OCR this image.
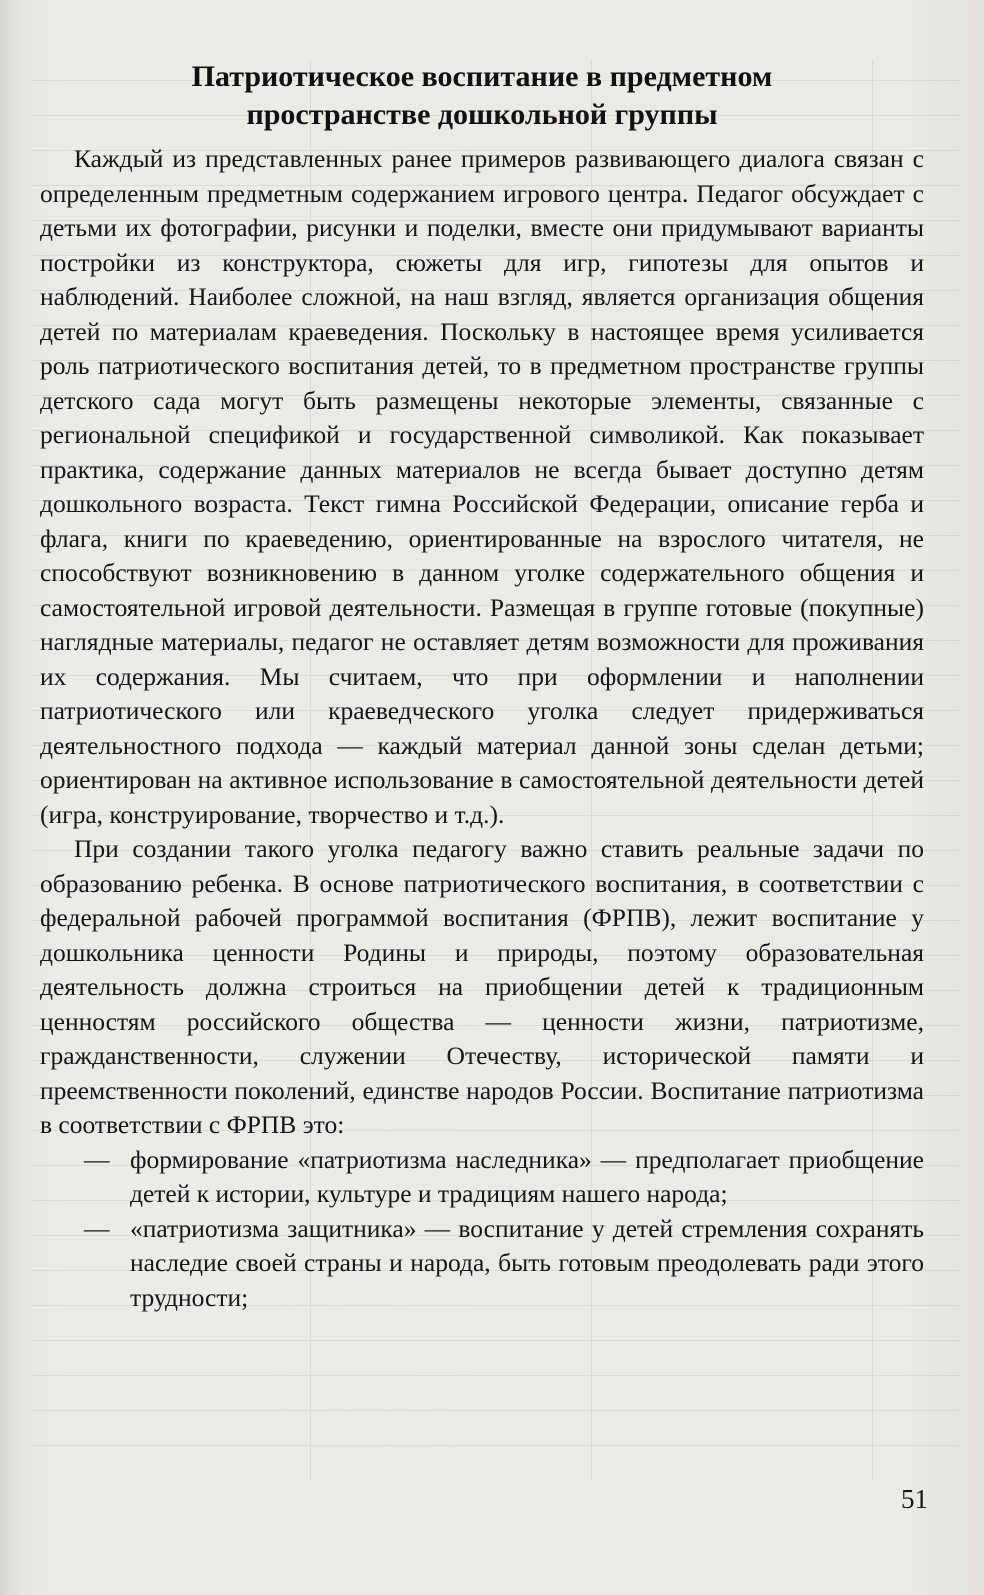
Патриотическое воспитание в предметном
пространстве дошкольной группы

Каждый из представленных ранее примеров развивающего диалога связан с определенным предметным содержанием игрового центра. Педагог обсуждает с детьми их фотографии, рисунки и поделки, вместе они придумывают варианты постройки из конструктора, сюжеты для игр, гипотезы для опытов и наблюдений. Наиболее сложной, на наш взгляд, является организация общения детей по материалам краеведения. Поскольку в настоящее время усиливается роль патриотического воспитания детей, то в предметном пространстве группы детского сада могут быть размещены некоторые элементы, связанные с региональной спецификой и государственной символикой. Как показывает практика, содержание данных материалов не всегда бывает доступно детям дошкольного возраста. Текст гимна Российской Федерации, описание герба и флага, книги по краеведению, ориентированные на взрослого читателя, не способствуют возникновению в данном уголке содержательного общения и самостоятельной игровой деятельности. Размещая в группе готовые (покупные) наглядные материалы, педагог не оставляет детям возможности для проживания их содержания. Мы считаем, что при оформлении и наполнении патриотического или краеведческого уголка следует придерживаться деятельностного подхода — каждый материал данной зоны сделан детьми; ориентирован на активное использование в самостоятельной деятельности детей (игра, конструирование, творчество и т.д.).

При создании такого уголка педагогу важно ставить реальные задачи по образованию ребенка. В основе патриотического воспитания, в соответствии с федеральной рабочей программой воспитания (ФРПВ), лежит воспитание у дошкольника ценности Родины и природы, поэтому образовательная деятельность должна строиться на приобщении детей к традиционным ценностям российского общества — ценности жизни, патриотизме, гражданственности, служении Отечеству, исторической памяти и преемственности поколений, единстве народов России. Воспитание патриотизма в соответствии с ФРПВ это:

— формирование «патриотизма наследника» — предполагает приобщение детей к истории, культуре и традициям нашего народа;
— «патриотизма защитника» — воспитание у детей стремления сохранять наследие своей страны и народа, быть готовым преодолевать ради этого трудности;
51
